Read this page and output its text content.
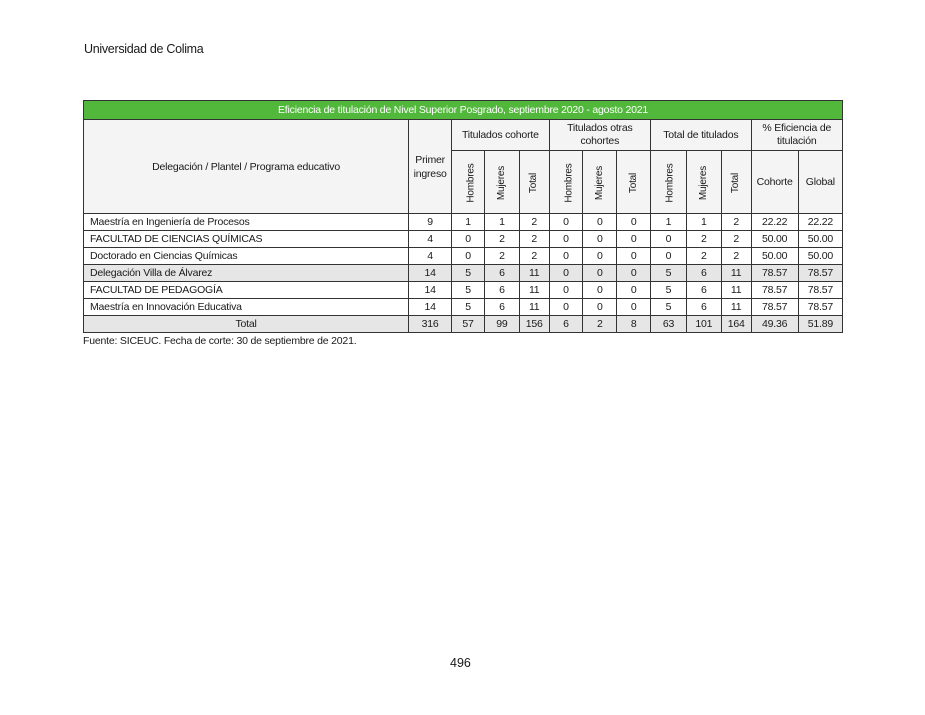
Universidad de Colima
Eficiencia de titulación de Nivel Superior Posgrado, septiembre 2020 - agosto 2021												
Delegación / Plantel / Programa educativo	Primer ingreso	Titulados cohorte			Titulados otras cohortes			Total de titulados			% Eficiencia de titulación	
		Hombres	Mujeres	Total	Hombres	Mujeres	Total	Hombres	Mujeres	Total	Cohorte	Global
Maestría en Ingeniería de Procesos	9	1	1	2	0	0	0	1	1	2	22.22	22.22
FACULTAD DE CIENCIAS QUÍMICAS	4	0	2	2	0	0	0	0	2	2	50.00	50.00
Doctorado en Ciencias Químicas	4	0	2	2	0	0	0	0	2	2	50.00	50.00
Delegación Villa de Álvarez	14	5	6	11	0	0	0	5	6	11	78.57	78.57
FACULTAD DE PEDAGOGÍA	14	5	6	11	0	0	0	5	6	11	78.57	78.57
Maestría en Innovación Educativa	14	5	6	11	0	0	0	5	6	11	78.57	78.57
Total	316	57	99	156	6	2	8	63	101	164	49.36	51.89
Fuente: SICEUC. Fecha de corte: 30 de septiembre de 2021.
496
